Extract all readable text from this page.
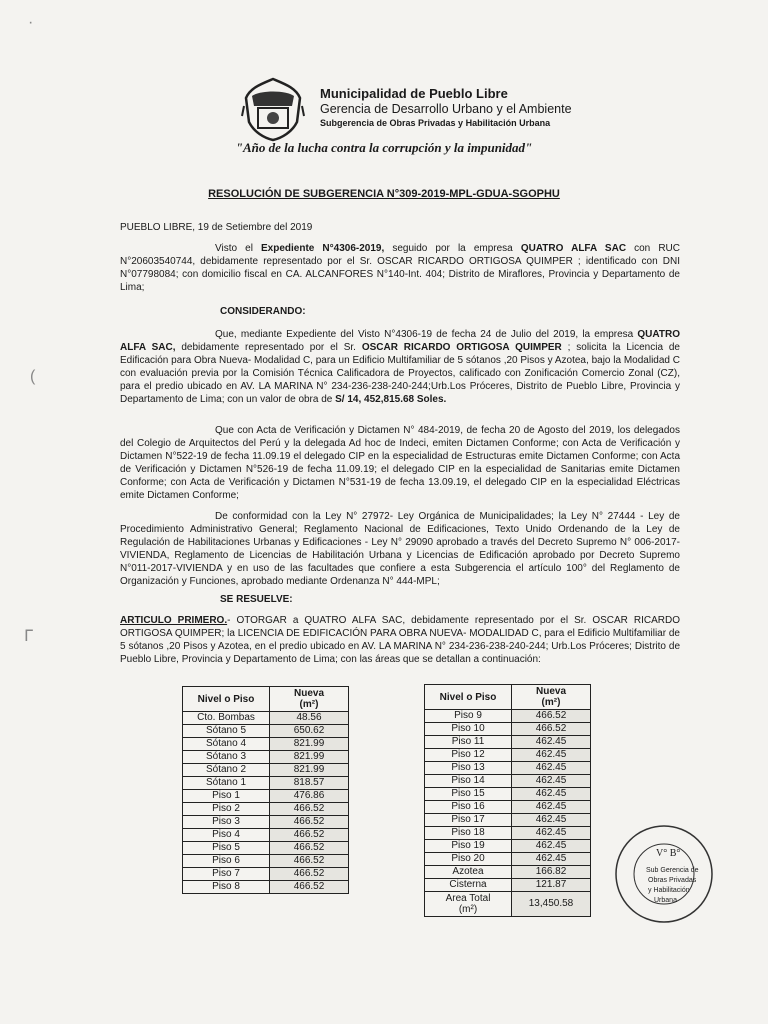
Municipalidad de Pueblo Libre
Gerencia de Desarrollo Urbano y el Ambiente
Subgerencia de Obras Privadas y Habilitación Urbana
"Año de la lucha contra la corrupción y la impunidad"
RESOLUCIÓN DE SUBGERENCIA N°309-2019-MPL-GDUA-SGOPHU
PUEBLO LIBRE, 19 de Setiembre del 2019
Visto el Expediente N°4306-2019, seguido por la empresa QUATRO ALFA SAC con RUC N°20603540744, debidamente representado por el Sr. OSCAR RICARDO ORTIGOSA QUIMPER ; identificado con DNI N°07798084; con domicilio fiscal en CA. ALCANFORES N°140-Int. 404; Distrito de Miraflores, Provincia y Departamento de Lima;
CONSIDERANDO:
Que, mediante Expediente del Visto N°4306-19 de fecha 24 de Julio del 2019, la empresa QUATRO ALFA SAC, debidamente representado por el Sr. OSCAR RICARDO ORTIGOSA QUIMPER ; solicita la Licencia de Edificación para Obra Nueva- Modalidad C, para un Edificio Multifamiliar de 5 sótanos ,20 Pisos y Azotea, bajo la Modalidad C con evaluación previa por la Comisión Técnica Calificadora de Proyectos, calificado con Zonificación Comercio Zonal (CZ), para el predio ubicado en AV. LA MARINA N° 234-236-238-240-244;Urb.Los Próceres, Distrito de Pueblo Libre, Provincia y Departamento de Lima; con un valor de obra de S/ 14, 452,815.68 Soles.
Que con Acta de Verificación y Dictamen N° 484-2019, de fecha 20 de Agosto del 2019, los delegados del Colegio de Arquitectos del Perú y la delegada Ad hoc de Indeci, emiten Dictamen Conforme; con Acta de Verificación y Dictamen N°522-19 de fecha 11.09.19 el delegado CIP en la especialidad de Estructuras emite Dictamen Conforme; con Acta de Verificación y Dictamen N°526-19 de fecha 11.09.19; el delegado CIP en la especialidad de Sanitarias emite Dictamen Conforme; con Acta de Verificación y Dictamen N°531-19 de fecha 13.09.19, el delegado CIP en la especialidad Eléctricas emite Dictamen Conforme;
De conformidad con la Ley N° 27972- Ley Orgánica de Municipalidades; la Ley N° 27444 - Ley de Procedimiento Administrativo General; Reglamento Nacional de Edificaciones, Texto Unido Ordenando de la Ley de Regulación de Habilitaciones Urbanas y Edificaciones - Ley N° 29090 aprobado a través del Decreto Supremo N° 006-2017-VIVIENDA, Reglamento de Licencias de Habilitación Urbana y Licencias de Edificación aprobado por Decreto Supremo N°011-2017-VIVIENDA y en uso de las facultades que confiere a esta Subgerencia el artículo 100° del Reglamento de Organización y Funciones, aprobado mediante Ordenanza N° 444-MPL;
SE RESUELVE:
ARTICULO PRIMERO.- OTORGAR a QUATRO ALFA SAC, debidamente representado por el Sr. OSCAR RICARDO ORTIGOSA QUIMPER; la LICENCIA DE EDIFICACIÓN PARA OBRA NUEVA- MODALIDAD C, para el Edificio Multifamiliar de 5 sótanos ,20 Pisos y Azotea, en el predio ubicado en AV. LA MARINA N° 234-236-238-240-244; Urb.Los Próceres; Distrito de Pueblo Libre, Provincia y Departamento de Lima; con las áreas que se detallan a continuación:
Nivel o Piso	Nueva
(m²)
Cto. Bombas	48.56
Sótano 5	650.62
Sótano 4	821.99
Sótano 3	821.99
Sótano 2	821.99
Sótano 1	818.57
Piso 1	476.86
Piso 2	466.52
Piso 3	466.52
Piso 4	466.52
Piso 5	466.52
Piso 6	466.52
Piso 7	466.52
Piso 8	466.52
Nivel o Piso	Nueva
(m²)
Piso 9	466.52
Piso 10	466.52
Piso 11	462.45
Piso 12	462.45
Piso 13	462.45
Piso 14	462.45
Piso 15	462.45
Piso 16	462.45
Piso 17	462.45
Piso 18	462.45
Piso 19	462.45
Piso 20	462.45
Azotea	166.82
Cisterna	121.87
Area Total
(m²)	13,450.58
V° B°
Sub Gerencia de
Obras Privadas
y Habilitación
Urbana
·
(
ᒥ
